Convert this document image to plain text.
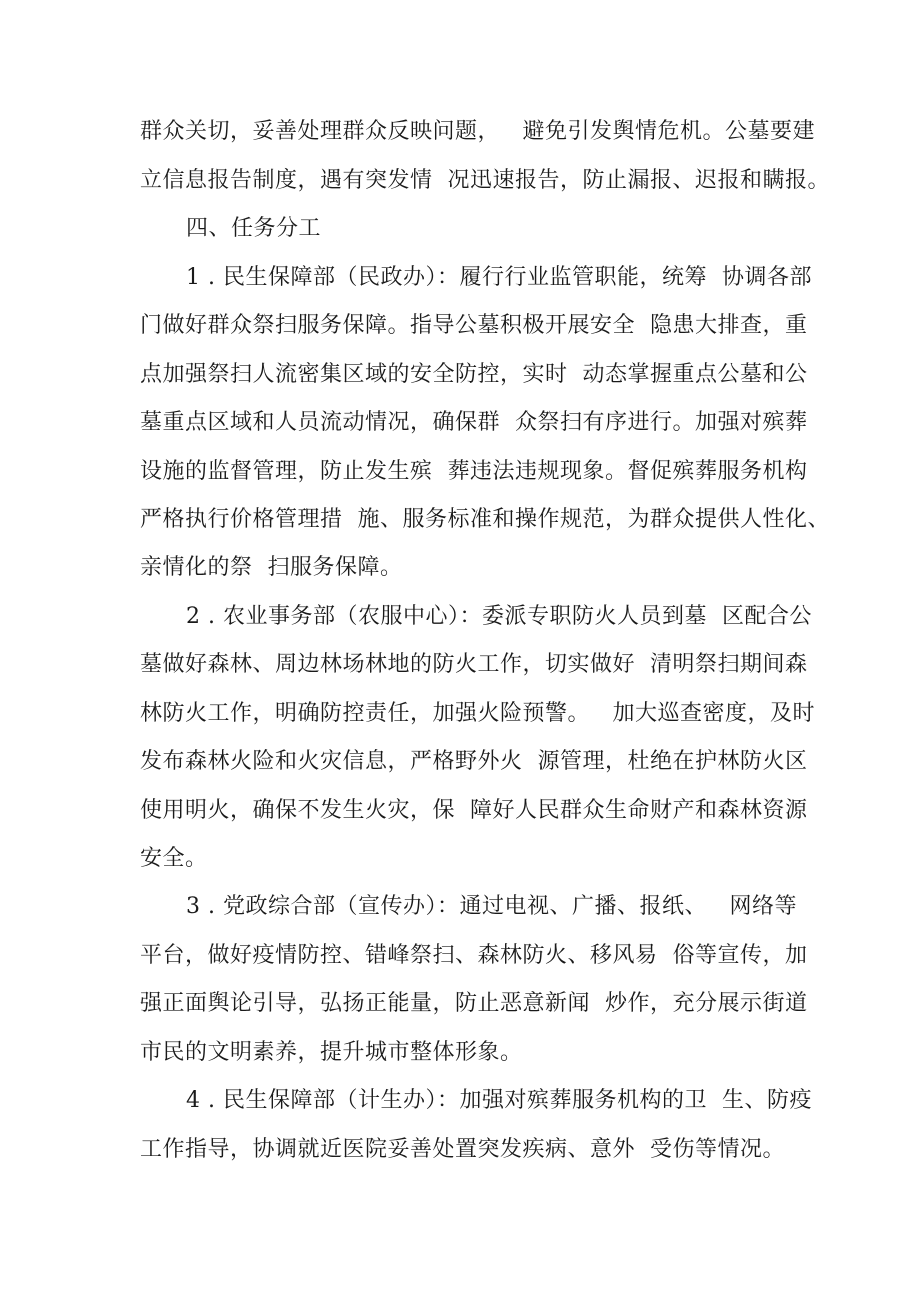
群众关切，妥善处理群众反映问题，   避免引发舆情危机。公墓要建
立信息报告制度，遇有突发情  况迅速报告，防止漏报、迟报和瞒报。
四、任务分工
1 . 民生保障部（民政办）：履行行业监管职能，统筹  协调各部
门做好群众祭扫服务保障。指导公墓积极开展安全  隐患大排查，重
点加强祭扫人流密集区域的安全防控，实时  动态掌握重点公墓和公
墓重点区域和人员流动情况，确保群  众祭扫有序进行。加强对殡葬
设施的监督管理，防止发生殡  葬违法违规现象。督促殡葬服务机构
严格执行价格管理措  施、服务标准和操作规范，为群众提供人性化、
亲情化的祭  扫服务保障。
2 . 农业事务部（农服中心）：委派专职防火人员到墓  区配合公
墓做好森林、周边林场林地的防火工作，切实做好  清明祭扫期间森
林防火工作，明确防控责任，加强火险预警。   加大巡查密度，及时
发布森林火险和火灾信息，严格野外火  源管理，杜绝在护林防火区
使用明火，确保不发生火灾，保  障好人民群众生命财产和森林资源
安全。
3 . 党政综合部（宣传办）：通过电视、广播、报纸、   网络等
平台，做好疫情防控、错峰祭扫、森林防火、移风易  俗等宣传，加
强正面舆论引导，弘扬正能量，防止恶意新闻  炒作，充分展示街道
市民的文明素养，提升城市整体形象。
4 . 民生保障部（计生办）：加强对殡葬服务机构的卫  生、防疫
工作指导，协调就近医院妥善处置突发疾病、意外  受伤等情况。
